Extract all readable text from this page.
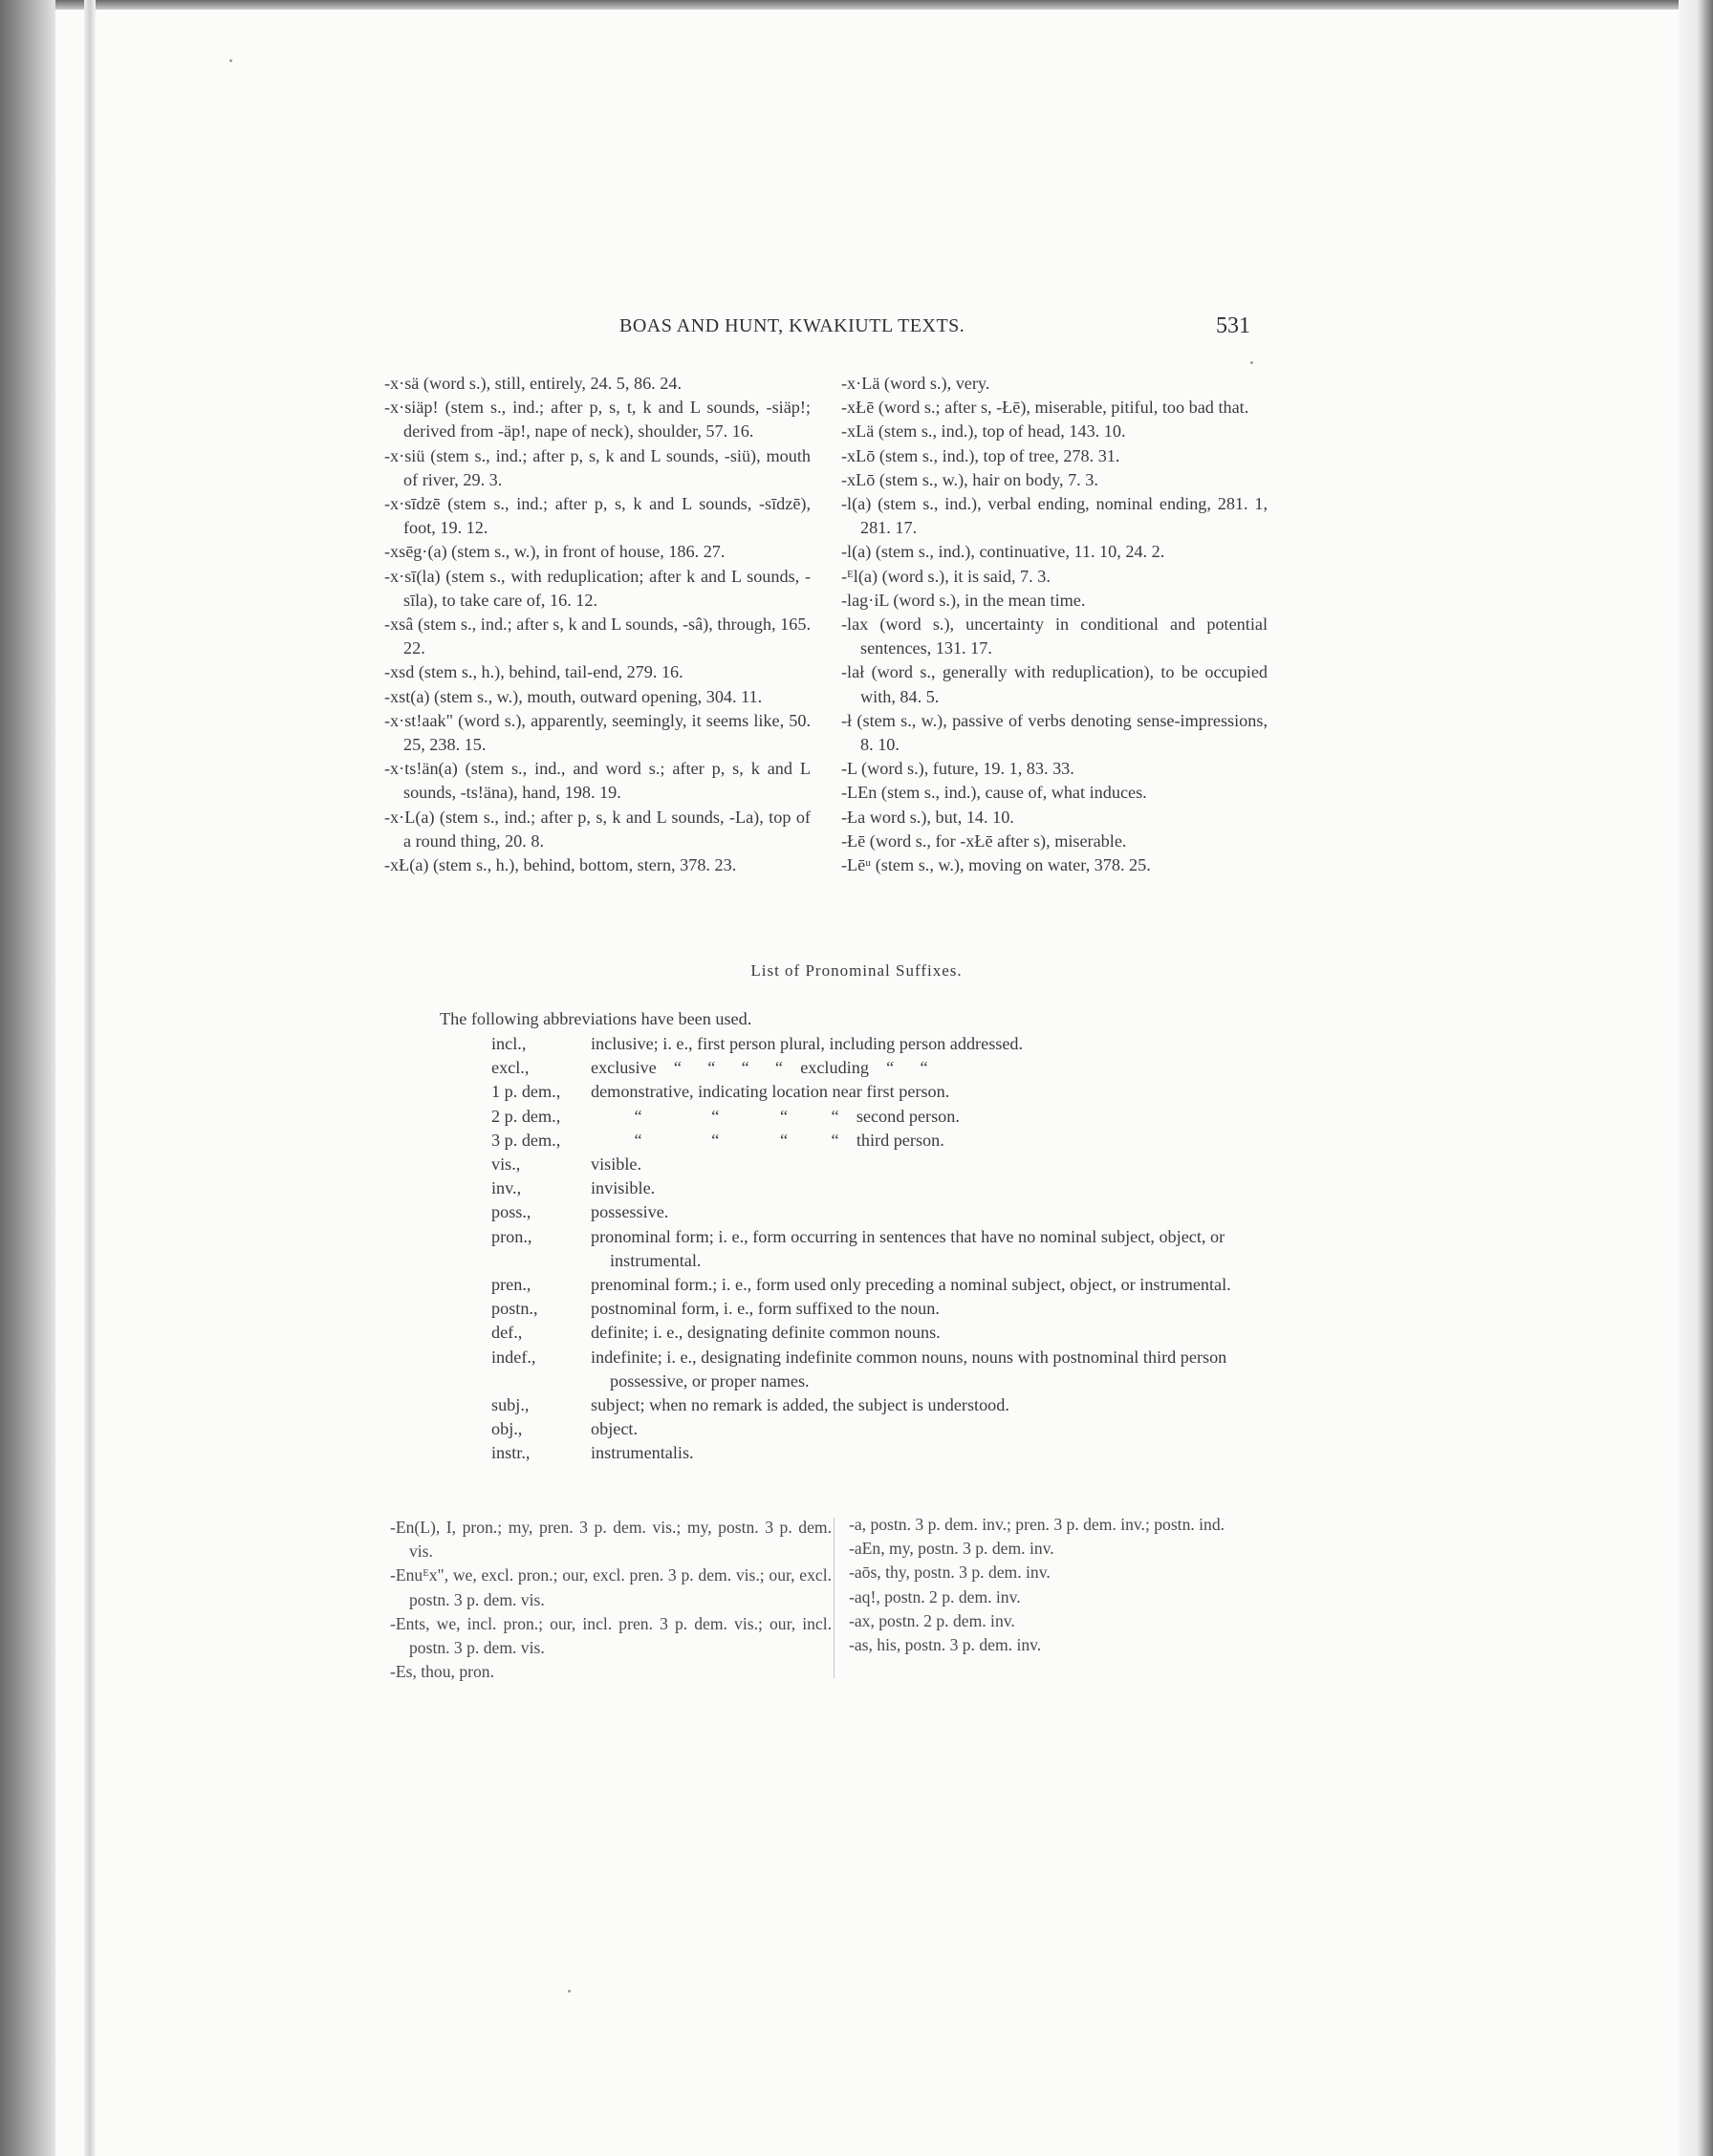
BOAS AND HUNT, KWAKIUTL TEXTS.	531
-x·sä (word s.), still, entirely, 24. 5, 86. 24.
-x·siäp! (stem s., ind.; after p, s, t, k and L sounds, -siäp!; derived from -äp!, nape of neck), shoulder, 57. 16.
-x·siü (stem s., ind.; after p, s, k and L sounds, -siü), mouth of river, 29. 3.
-x·sīdzē (stem s., ind.; after p, s, k and L sounds, -sīdzē), foot, 19. 12.
-xsēg·(a) (stem s., w.), in front of house, 186. 27.
-x·sī(la) (stem s., with reduplication; after k and L sounds, -sīla), to take care of, 16. 12.
-xsâ (stem s., ind.; after s, k and L sounds, -sâ), through, 165. 22.
-xsd (stem s., h.), behind, tail-end, 279. 16.
-xst(a) (stem s., w.), mouth, outward opening, 304. 11.
-x·st!aak" (word s.), apparently, seemingly, it seems like, 50. 25, 238. 15.
-x·ts!än(a) (stem s., ind., and word s.; after p, s, k and L sounds, -ts!äna), hand, 198. 19.
-x·L(a) (stem s., ind.; after p, s, k and L sounds, -La), top of a round thing, 20. 8.
-xŁ(a) (stem s., h.), behind, bottom, stern, 378. 23.
-x·Lä (word s.), very.
-xŁē (word s.; after s, -Łē), miserable, pitiful, too bad that.
-xLä (stem s., ind.), top of head, 143. 10.
-xLō (stem s., ind.), top of tree, 278. 31.
-xLō (stem s., w.), hair on body, 7. 3.
-l(a) (stem s., ind.), verbal ending, nominal ending, 281. 1, 281. 17.
-l(a) (stem s., ind.), continuative, 11. 10, 24. 2.
-ᴱl(a) (word s.), it is said, 7. 3.
-lag·iL (word s.), in the mean time.
-lax (word s.), uncertainty in conditional and potential sentences, 131. 17.
-lał (word s., generally with reduplication), to be occupied with, 84. 5.
-ł (stem s., w.), passive of verbs denoting sense-impressions, 8. 10.
-L (word s.), future, 19. 1, 83. 33.
-LEn (stem s., ind.), cause of, what induces.
-Ła word s.), but, 14. 10.
-Łē (word s., for -xŁē after s), miserable.
-Lēᵘ (stem s., w.), moving on water, 378. 25.
List of Pronominal Suffixes.
The following abbreviations have been used.
incl.,	inclusive; i. e., first person plural, including person addressed.
excl.,	exclusive    “      “      “      “    excluding    “      “
1 p. dem.,	demonstrative, indicating location near first person.
2 p. dem.,	“                “              “          “    second person.
3 p. dem.,	“                “              “          “    third person.
vis.,	visible.
inv.,	invisible.
poss.,	possessive.
pron.,	pronominal form; i. e., form occurring in sentences that have no nominal subject, object, or instrumental.
pren.,	prenominal form.; i. e., form used only preceding a nominal subject, object, or instrumental.
postn.,	postnominal form, i. e., form suffixed to the noun.
def.,	definite; i. e., designating definite common nouns.
indef.,	indefinite; i. e., designating indefinite common nouns, nouns with postnominal third person possessive, or proper names.
subj.,	subject; when no remark is added, the subject is understood.
obj.,	object.
instr.,	instrumentalis.
-En(L), I, pron.; my, pren. 3 p. dem. vis.; my, postn. 3 p. dem. vis.
-Enuᴱx", we, excl. pron.; our, excl. pren. 3 p. dem. vis.; our, excl. postn. 3 p. dem. vis.
-Ents, we, incl. pron.; our, incl. pren. 3 p. dem. vis.; our, incl. postn. 3 p. dem. vis.
-Es, thou, pron.
-a, postn. 3 p. dem. inv.; pren. 3 p. dem. inv.; postn. ind.
-aEn, my, postn. 3 p. dem. inv.
-aōs, thy, postn. 3 p. dem. inv.
-aq!, postn. 2 p. dem. inv.
-ax, postn. 2 p. dem. inv.
-as, his, postn. 3 p. dem. inv.
